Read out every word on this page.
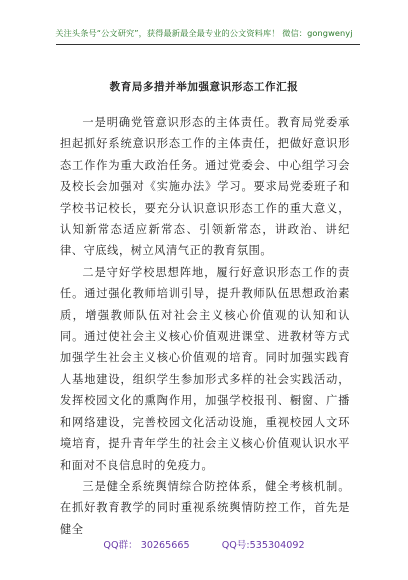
关注头条号“公文研究”，获得最新最全最专业的公文资料库！ 微信：gongwenyj
教育局多措并举加强意识形态工作汇报

一是明确党管意识形态的主体责任。教育局党委承担起抓好系统意识形态工作的主体责任，把做好意识形态工作作为重大政治任务。通过党委会、中心组学习会及校长会加强对《实施办法》学习。要求局党委班子和学校书记校长，要充分认识意识形态工作的重大意义，认知新常态适应新常态、引领新常态，讲政治、讲纪律、守底线，树立风清气正的教育氛围。

二是守好学校思想阵地，履行好意识形态工作的责任。通过强化教师培训引导，提升教师队伍思想政治素质，增强教师队伍对社会主义核心价值观的认知和认同。通过使社会主义核心价值观进课堂、进教材等方式加强学生社会主义核心价值观的培育。同时加强实践育人基地建设，组织学生参加形式多样的社会实践活动，发挥校园文化的熏陶作用，加强学校报刊、橱窗、广播和网络建设，完善校园文化活动设施，重视校园人文环境培育，提升青年学生的社会主义核心价值观认识水平和面对不良信息时的免疫力。

三是健全系统舆情综合防控体系，健全考核机制。在抓好教育教学的同时重视系统舆情防控工作，首先是健全

QQ群： 30265665	QQ号:535304092
